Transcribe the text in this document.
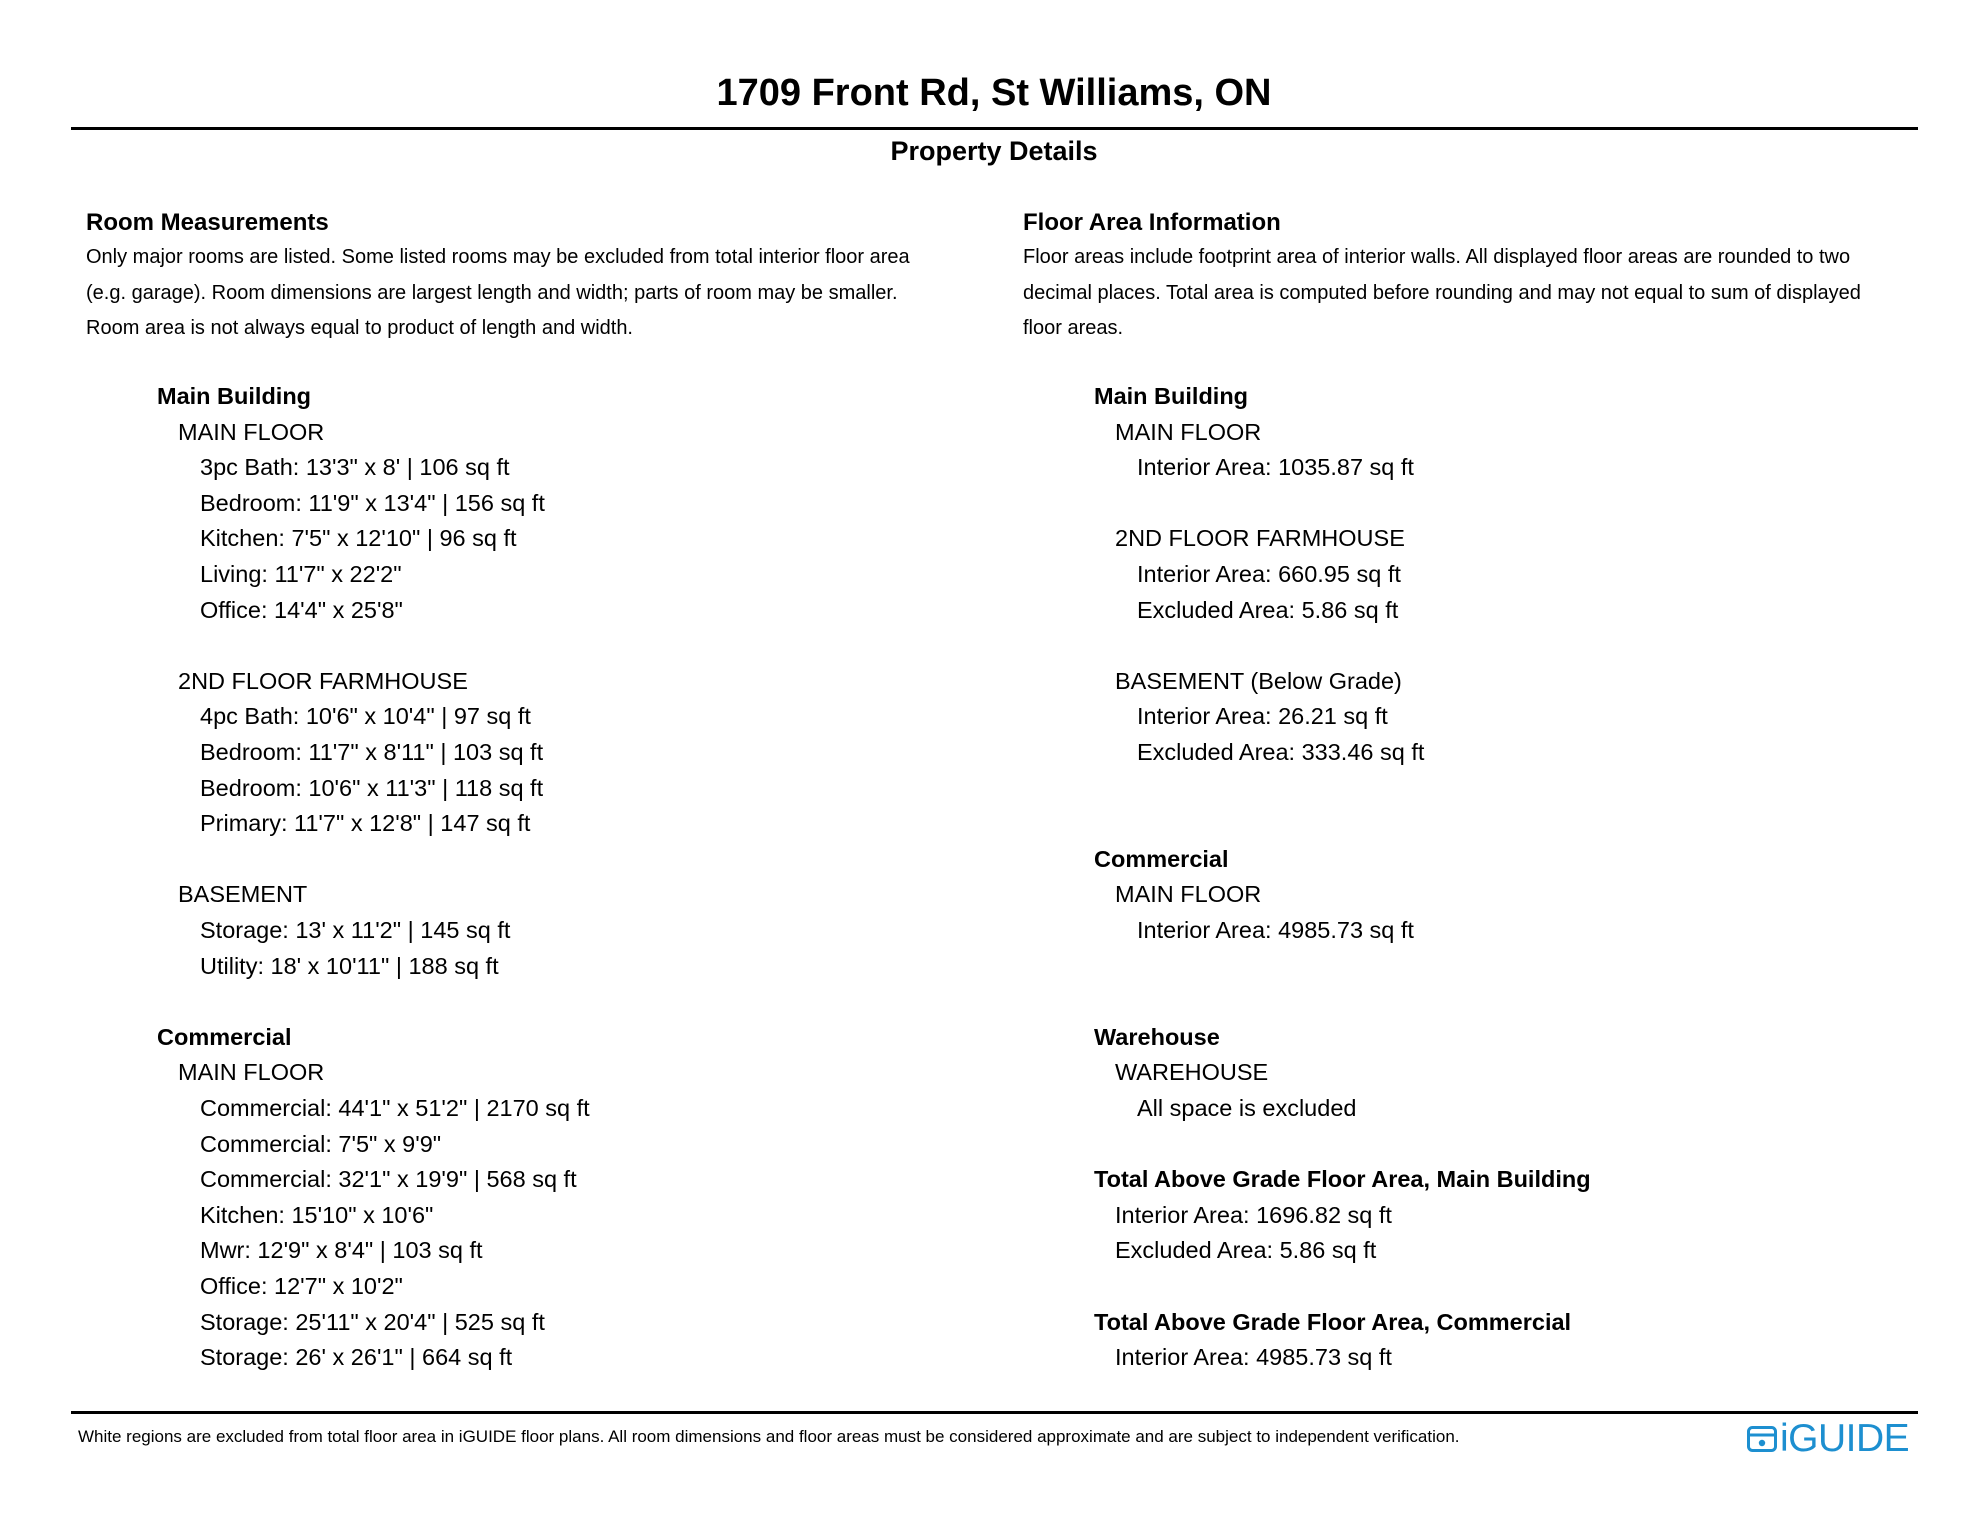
1709 Front Rd, St Williams, ON
Property Details
Room Measurements

Only major rooms are listed. Some listed rooms may be excluded from total interior floor area

(e.g. garage). Room dimensions are largest length and width; parts of room may be smaller.

Room area is not always equal to product of length and width.

Main Building
MAIN FLOOR
3pc Bath: 13'3" x 8' | 106 sq ft
Bedroom: 11'9" x 13'4" | 156 sq ft
Kitchen: 7'5" x 12'10" | 96 sq ft
Living: 11'7" x 22'2"
Office: 14'4" x 25'8"
2ND FLOOR FARMHOUSE
4pc Bath: 10'6" x 10'4" | 97 sq ft
Bedroom: 11'7" x 8'11" | 103 sq ft
Bedroom: 10'6" x 11'3" | 118 sq ft
Primary: 11'7" x 12'8" | 147 sq ft
BASEMENT
Storage: 13' x 11'2" | 145 sq ft
Utility: 18' x 10'11" | 188 sq ft
Commercial
MAIN FLOOR
Commercial: 44'1" x 51'2" | 2170 sq ft
Commercial: 7'5" x 9'9"
Commercial: 32'1" x 19'9" | 568 sq ft
Kitchen: 15'10" x 10'6"
Mwr: 12'9" x 8'4" | 103 sq ft
Office: 12'7" x 10'2"
Storage: 25'11" x 20'4" | 525 sq ft
Storage: 26' x 26'1" | 664 sq ft
Floor Area Information

Floor areas include footprint area of interior walls. All displayed floor areas are rounded to two

decimal places. Total area is computed before rounding and may not equal to sum of displayed

floor areas.

Main Building
MAIN FLOOR
Interior Area: 1035.87 sq ft
2ND FLOOR FARMHOUSE
Interior Area: 660.95 sq ft
Excluded Area: 5.86 sq ft
BASEMENT (Below Grade)
Interior Area: 26.21 sq ft
Excluded Area: 333.46 sq ft
Commercial
MAIN FLOOR
Interior Area: 4985.73 sq ft
Warehouse
WAREHOUSE
All space is excluded
Total Above Grade Floor Area, Main Building
Interior Area: 1696.82 sq ft
Excluded Area: 5.86 sq ft
Total Above Grade Floor Area, Commercial
Interior Area: 4985.73 sq ft
White regions are excluded from total floor area in iGUIDE floor plans. All room dimensions and floor areas must be considered approximate and are subject to independent verification.	iGUIDE
